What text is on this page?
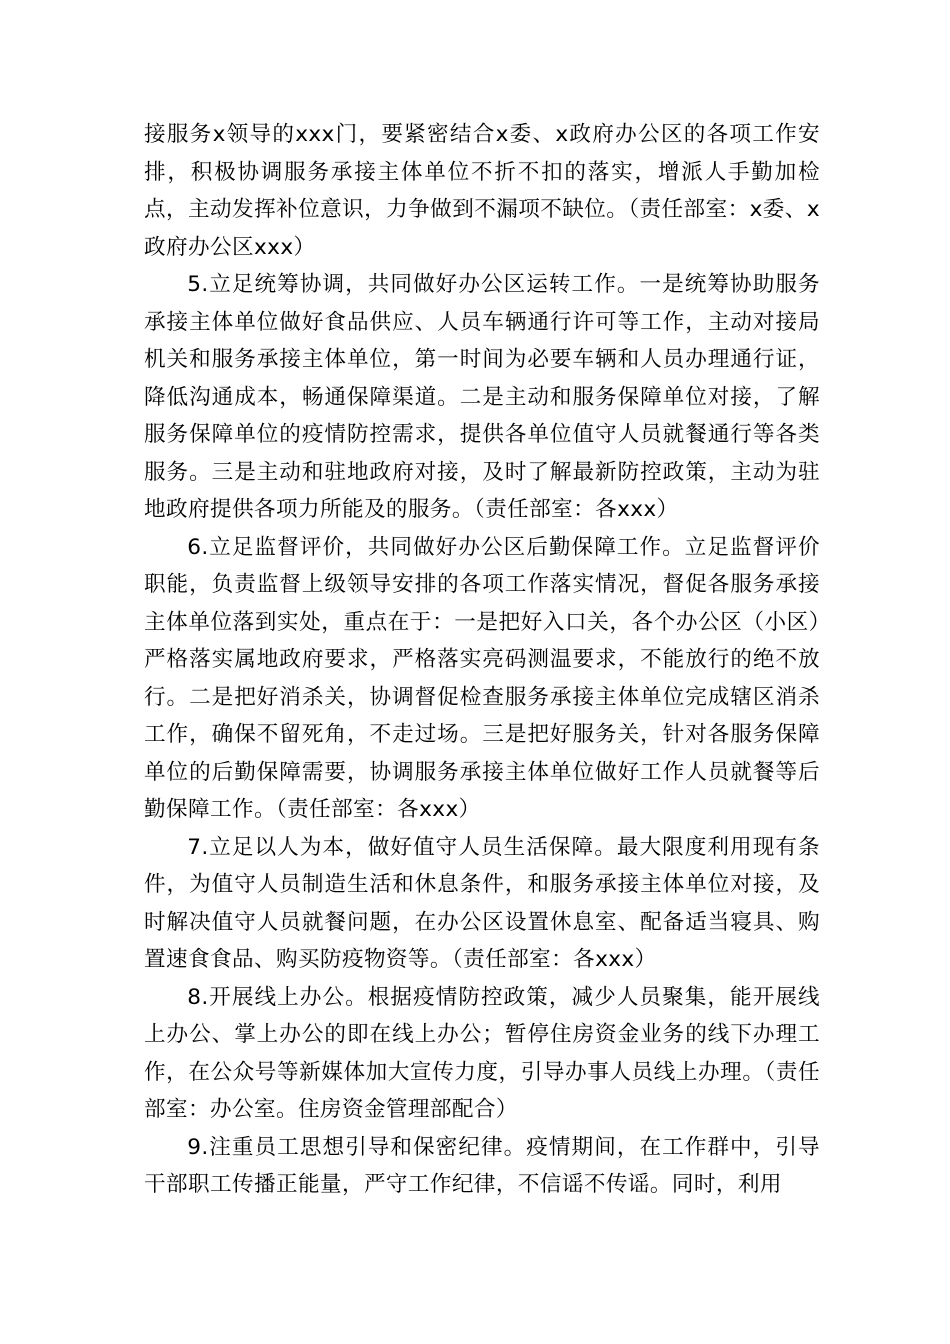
接服务x领导的xxx门，要紧密结合x委、x政府办公区的各项工作安排，积极协调服务承接主体单位不折不扣的落实，增派人手勤加检点，主动发挥补位意识，力争做到不漏项不缺位。（责任部室：x委、x政府办公区xxx）

5.立足统筹协调，共同做好办公区运转工作。一是统筹协助服务承接主体单位做好食品供应、人员车辆通行许可等工作，主动对接局机关和服务承接主体单位，第一时间为必要车辆和人员办理通行证，降低沟通成本，畅通保障渠道。二是主动和服务保障单位对接，了解服务保障单位的疫情防控需求，提供各单位值守人员就餐通行等各类服务。三是主动和驻地政府对接，及时了解最新防控政策，主动为驻地政府提供各项力所能及的服务。（责任部室：各xxx）

6.立足监督评价，共同做好办公区后勤保障工作。立足监督评价职能，负责监督上级领导安排的各项工作落实情况，督促各服务承接主体单位落到实处，重点在于：一是把好入口关，各个办公区（小区）严格落实属地政府要求，严格落实亮码测温要求，不能放行的绝不放行。二是把好消杀关，协调督促检查服务承接主体单位完成辖区消杀工作，确保不留死角，不走过场。三是把好服务关，针对各服务保障单位的后勤保障需要，协调服务承接主体单位做好工作人员就餐等后勤保障工作。（责任部室：各xxx）

7.立足以人为本，做好值守人员生活保障。最大限度利用现有条件，为值守人员制造生活和休息条件，和服务承接主体单位对接，及时解决值守人员就餐问题，在办公区设置休息室、配备适当寝具、购置速食食品、购买防疫物资等。（责任部室：各xxx）

8.开展线上办公。根据疫情防控政策，减少人员聚集，能开展线上办公、掌上办公的即在线上办公；暂停住房资金业务的线下办理工作，在公众号等新媒体加大宣传力度，引导办事人员线上办理。（责任部室：办公室。住房资金管理部配合）

9.注重员工思想引导和保密纪律。疫情期间，在工作群中，引导干部职工传播正能量，严守工作纪律，不信谣不传谣。同时，利用
